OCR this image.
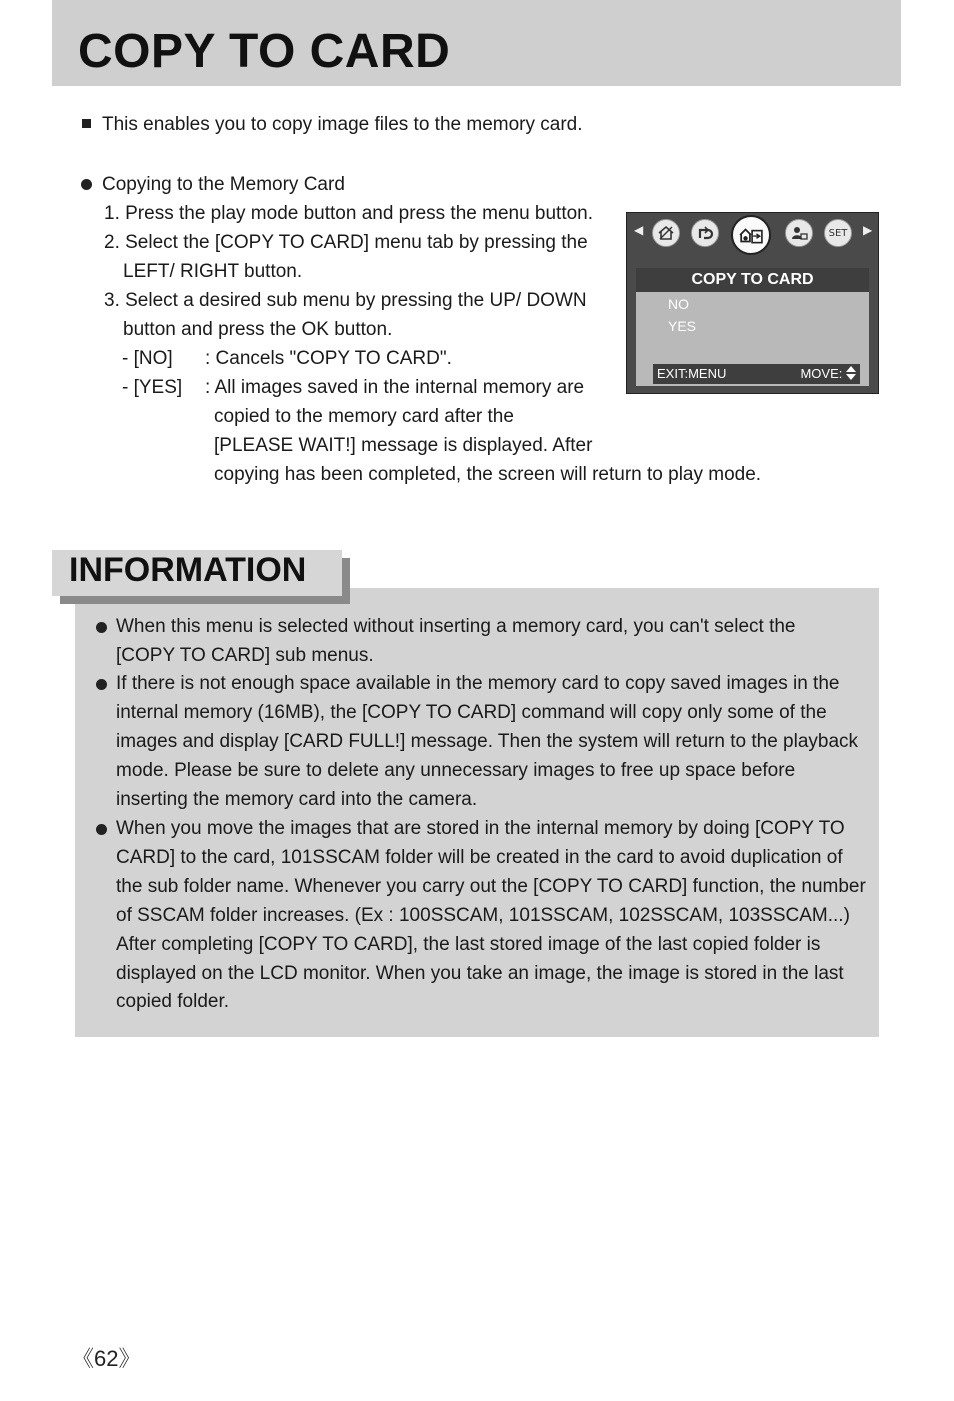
COPY TO CARD
This enables you to copy image files to the memory card.
Copying to the Memory Card
1. Press the play mode button and press the menu button.
2. Select the [COPY TO CARD] menu tab by pressing the
LEFT/ RIGHT button.
3. Select a desired sub menu by pressing the UP/ DOWN
button and press the OK button.
- [NO] : Cancels "COPY TO CARD".
- [YES] : All images saved in the internal memory are
copied to the memory card after the
[PLEASE WAIT!] message is displayed. After
copying has been completed, the screen will return to play mode.
◀	SET ▶
COPY TO CARD
NO
YES
EXIT:MENU	MOVE:
INFORMATION
When this menu is selected without inserting a memory card, you can't select the
[COPY TO CARD] sub menus.
If there is not enough space available in the memory card to copy saved images in the
internal memory (16MB), the [COPY TO CARD] command will copy only some of the
images and display [CARD FULL!] message. Then the system will return to the playback
mode. Please be sure to delete any unnecessary images to free up space before
inserting the memory card into the camera.
When you move the images that are stored in the internal memory by doing [COPY TO
CARD] to the card, 101SSCAM folder will be created in the card to avoid duplication of
the sub folder name. Whenever you carry out the [COPY TO CARD] function, the number
of SSCAM folder increases. (Ex : 100SSCAM, 101SSCAM, 102SSCAM, 103SSCAM...)
After completing [COPY TO CARD], the last stored image of the last copied folder is
displayed on the LCD monitor. When you take an image, the image is stored in the last
copied folder.
《62》
